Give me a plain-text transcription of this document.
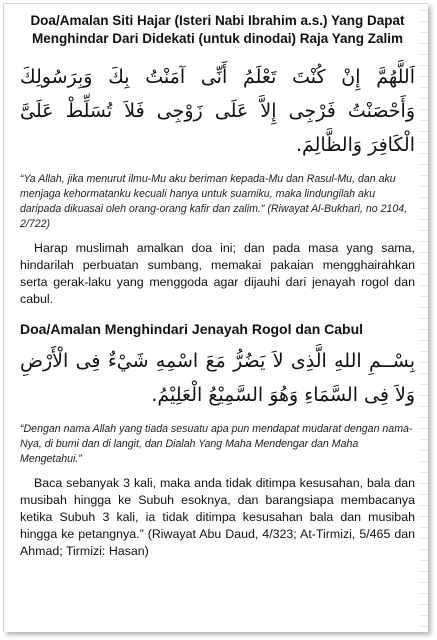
Doa/Amalan Siti Hajar (Isteri Nabi Ibrahim a.s.) Yang Dapat Menghindar Dari Didekati (untuk dinodai) Raja Yang Zalim
اَللَّهُمَّ إِنْ كُنْتَ تَعْلَمُ أَنِّى آمَنْتُ بِكَ وَبِرَسُولِكَ وَأَحْصَنْتُ فَرْجِى إِلاَّ عَلَى زَوْجِى فَلاَ تُسَلِّطْ عَلَىَّ الْكَافِرَ وَالظَّالِمَ.

“Ya Allah, jika menurut ilmu-Mu aku beriman kepada-Mu dan Rasul-Mu, dan aku menjaga kehormatanku kecuali hanya untuk suamiku, maka lindungilah aku daripada dikuasai oleh orang-orang kafir dan zalim.” (Riwayat Al-Bukhari, no 2104, 2/722)

Harap muslimah amalkan doa ini; dan pada masa yang sama, hindarilah perbuatan sumbang, memakai pakaian mengghairahkan serta gerak-laku yang menggoda agar dijauhi dari jenayah rogol dan cabul.

Doa/Amalan Menghindari Jenayah Rogol dan Cabul
بِسْــمِ اللهِ الَّذِى لاَ يَضُرُّ مَعَ اسْمِهِ شَيْءٌ فِى الْأَرْضِ وَلاَ فِى السَّمَاءِ وَهُوَ السَّمِيْعُ الْعَلِيْمُ.

“Dengan nama Allah yang tiada sesuatu apa pun mendapat mudarat dengan nama-Nya, di bumi dan di langit, dan Dialah Yang Maha Mendengar dan Maha Mengetahui.”

Baca sebanyak 3 kali, maka anda tidak ditimpa kesusahan, bala dan musibah hingga ke Subuh esoknya, dan barangsiapa membacanya ketika Subuh 3 kali, ia tidak ditimpa kesusahan bala dan musibah hingga ke petangnya.” (Riwayat Abu Daud, 4/323; At-Tirmizi, 5/465 dan Ahmad; Tirmizi: Hasan)
